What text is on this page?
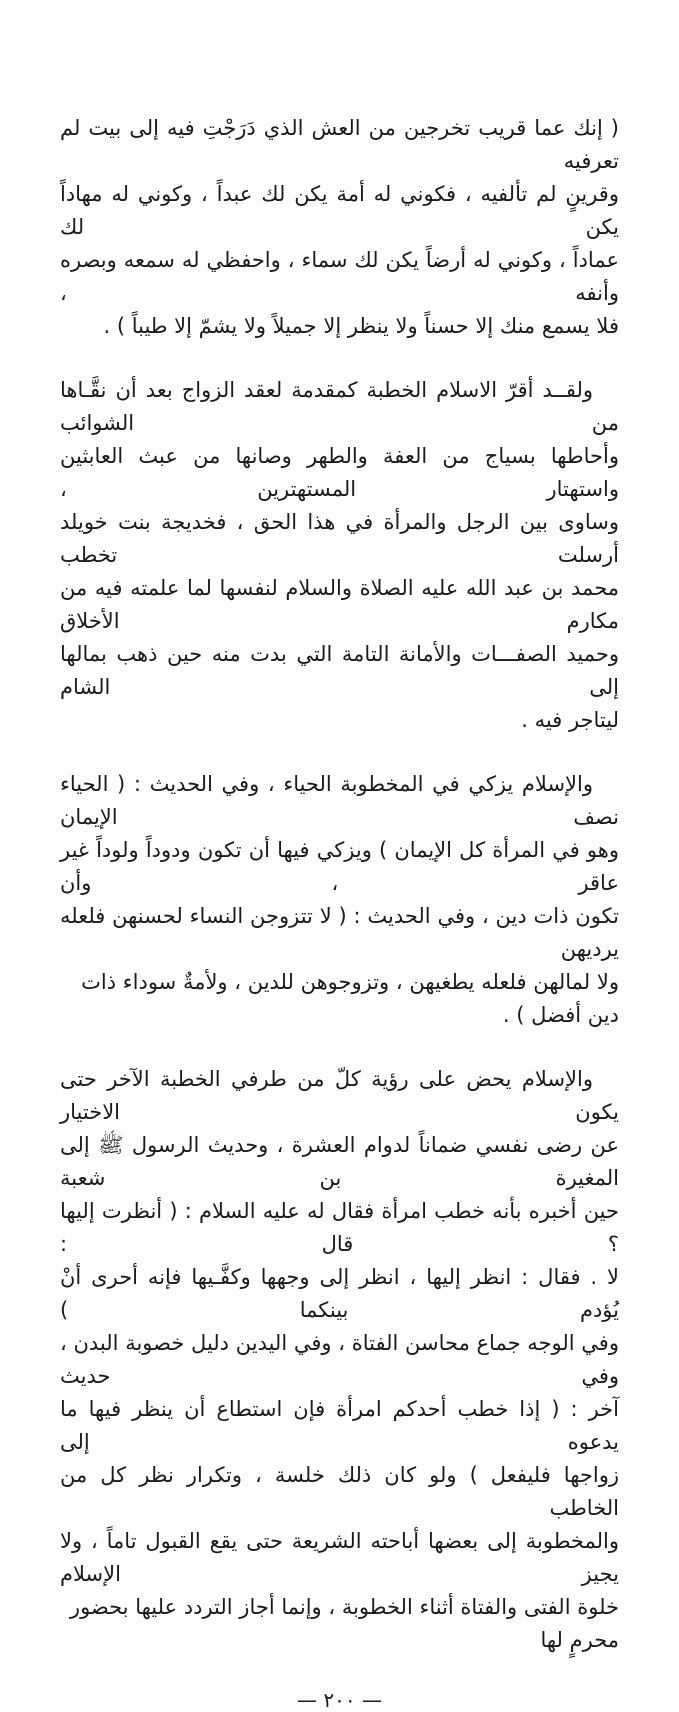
( إنك عما قريب تخرجين من العش الذي دَرَجْتِ فيه إلى بيت لم تعرفيه
وقرينٍ لم تألفيه ، فكوني له أمة يكن لك عبداً ، وكوني له مهاداً يكن لك
عماداً ، وكوني له أرضاً يكن لك سماء ، واحفظي له سمعه وبصره وأنفه ،
فلا يسمع منك إلا حسناً ولا ينظر إلا جميلاً ولا يشمّ إلا طيباً ) .
ولقــد أقرّ الاسلام الخطبة كمقدمة لعقد الزواج بعد أن نقَّـاها من الشوائب
وأحاطها بسياج من العفة والطهر وصانها من عبث العابثين واستهتار المستهترين ،
وساوى بين الرجل والمرأة في هذا الحق ، فخديجة بنت خويلد أرسلت تخطب
محمد بن عبد الله عليه الصلاة والسلام لنفسها لما علمته فيه من مكارم الأخلاق
وحميد الصفـــات والأمانة التامة التي بدت منه حين ذهب بمالها إلى الشام
ليتاجر فيه .
والإسلام يزكي في المخطوبة الحياء ، وفي الحديث : ( الحياء نصف الإيمان
وهو في المرأة كل الإيمان ) ويزكي فيها أن تكون ودوداً ولوداً غير عاقر ، وأن
تكون ذات دين ، وفي الحديث : ( لا تتزوجن النساء لحسنهن فلعله يرديهن
ولا لمالهن فلعله يطغيهن ، وتزوجوهن للدين ، ولأمةٌ سوداء ذات دين أفضل ) .
والإسلام يحض على رؤية كلّ من طرفي الخطبة الآخر حتى يكون الاختيار
عن رضى نفسي ضماناً لدوام العشرة ، وحديث الرسول ﷺ إلى المغيرة بن شعبة
حين أخبره بأنه خطب امرأة فقال له عليه السلام : ( أنظرت إليها ؟ قال :
لا . فقال : انظر إليها ، انظر إلى وجهها وكفَّـيها فإنه أحرى أنْ يُؤدم بينكما )
وفي الوجه جماع محاسن الفتاة ، وفي اليدين دليل خصوبة البدن ، وفي حديث
آخر : ( إذا خطب أحدكم امرأة فإن استطاع أن ينظر فيها ما يدعوه إلى
زواجها فليفعل ) ولو كان ذلك خلسة ، وتكرار نظر كل من الخاطب
والمخطوبة إلى بعضها أباحته الشريعة حتى يقع القبول تاماً ، ولا يجيز الإسلام
خلوة الفتى والفتاة أثناء الخطوبة ، وإنما أجاز التردد عليها بحضور محرمٍ لها
— ٢٠٠ —
